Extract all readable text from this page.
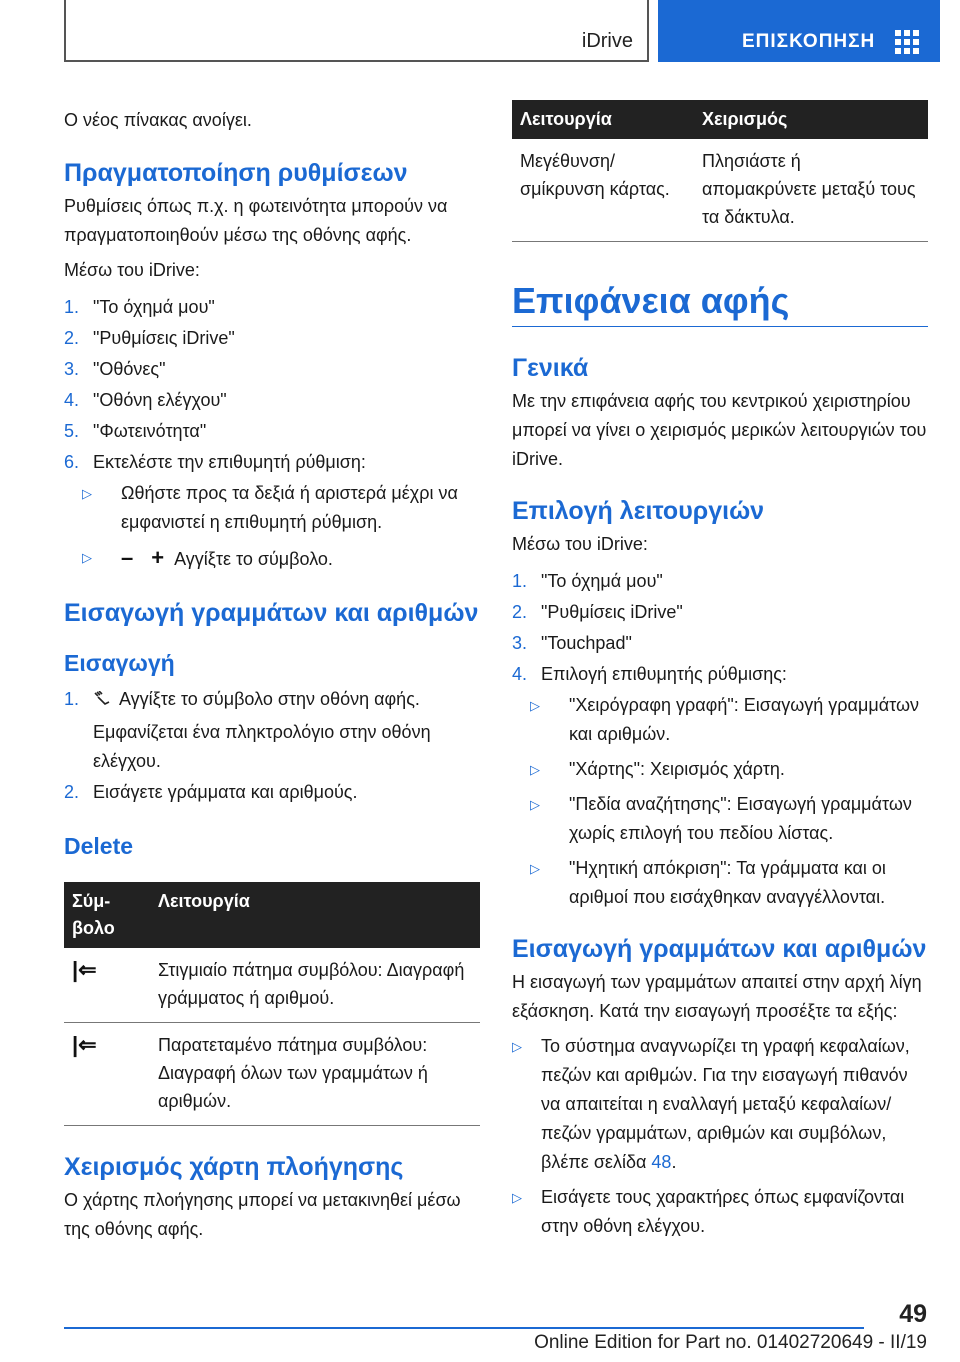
iDrive	ΕΠΙΣΚΟΠΗΣΗ

Ο νέος πίνακας ανοίγει.

Πραγματοποίηση ρυθμίσεων

Ρυθμίσεις όπως π.χ. η φωτεινότητα μπορούν να πραγματοποιηθούν μέσω της οθόνης αφής.

Μέσω του iDrive:

1. "Το όχημά μου"
2. "Ρυθμίσεις iDrive"
3. "Οθόνες"
4. "Οθόνη ελέγχου"
5. "Φωτεινότητα"
6. Εκτελέστε την επιθυμητή ρύθμιση:
▷ Ωθήστε προς τα δεξιά ή αριστερά μέχρι να εμφανιστεί η επιθυμητή ρύθμιση.
▷ – + Αγγίξτε το σύμβολο.
Εισαγωγή γραμμάτων και αριθμών
Εισαγωγή
1. Αγγίξτε το σύμβολο στην οθόνη αφής.
Εμφανίζεται ένα πληκτρολόγιο στην οθόνη ελέγχου.
2. Εισάγετε γράμματα και αριθμούς.
Delete
Σύμ-βολο	Λειτουργία
|⇐	Στιγμιαίο πάτημα συμβόλου: Διαγραφή γράμματος ή αριθμού.
|⇐	Παρατεταμένο πάτημα συμβόλου: Διαγραφή όλων των γραμμάτων ή αριθμών.
Χειρισμός χάρτη πλοήγησης

Ο χάρτης πλοήγησης μπορεί να μετακινηθεί μέσω της οθόνης αφής.

Λειτουργία	Χειρισμός
Μεγέθυνση/σμίκρυνση κάρτας.	Πλησιάστε ή απομακρύνετε μεταξύ τους τα δάκτυλα.
Επιφάνεια αφής
Γενικά

Με την επιφάνεια αφής του κεντρικού χειριστηρίου μπορεί να γίνει ο χειρισμός μερικών λειτουργιών του iDrive.

Επιλογή λειτουργιών

Μέσω του iDrive:

1. "Το όχημά μου"
2. "Ρυθμίσεις iDrive"
3. "Touchpad"
4. Επιλογή επιθυμητής ρύθμισης:
▷ "Χειρόγραφη γραφή": Εισαγωγή γραμμάτων και αριθμών.
▷ "Χάρτης": Χειρισμός χάρτη.
▷ "Πεδία αναζήτησης": Εισαγωγή γραμμάτων χωρίς επιλογή του πεδίου λίστας.
▷ "Ηχητική απόκριση": Τα γράμματα και οι αριθμοί που εισάχθηκαν αναγγέλλονται.
Εισαγωγή γραμμάτων και αριθμών

Η εισαγωγή των γραμμάτων απαιτεί στην αρχή λίγη εξάσκηση. Κατά την εισαγωγή προσέξτε τα εξής:

▷ Το σύστημα αναγνωρίζει τη γραφή κεφαλαίων, πεζών και αριθμών. Για την εισαγωγή πιθανόν να απαιτείται η εναλλαγή μεταξύ κεφαλαίων/πεζών γραμμάτων, αριθμών και συμβόλων, βλέπε σελίδα 48.
▷ Εισάγετε τους χαρακτήρες όπως εμφανίζονται στην οθόνη ελέγχου.
49
Online Edition for Part no. 01402720649 - II/19
